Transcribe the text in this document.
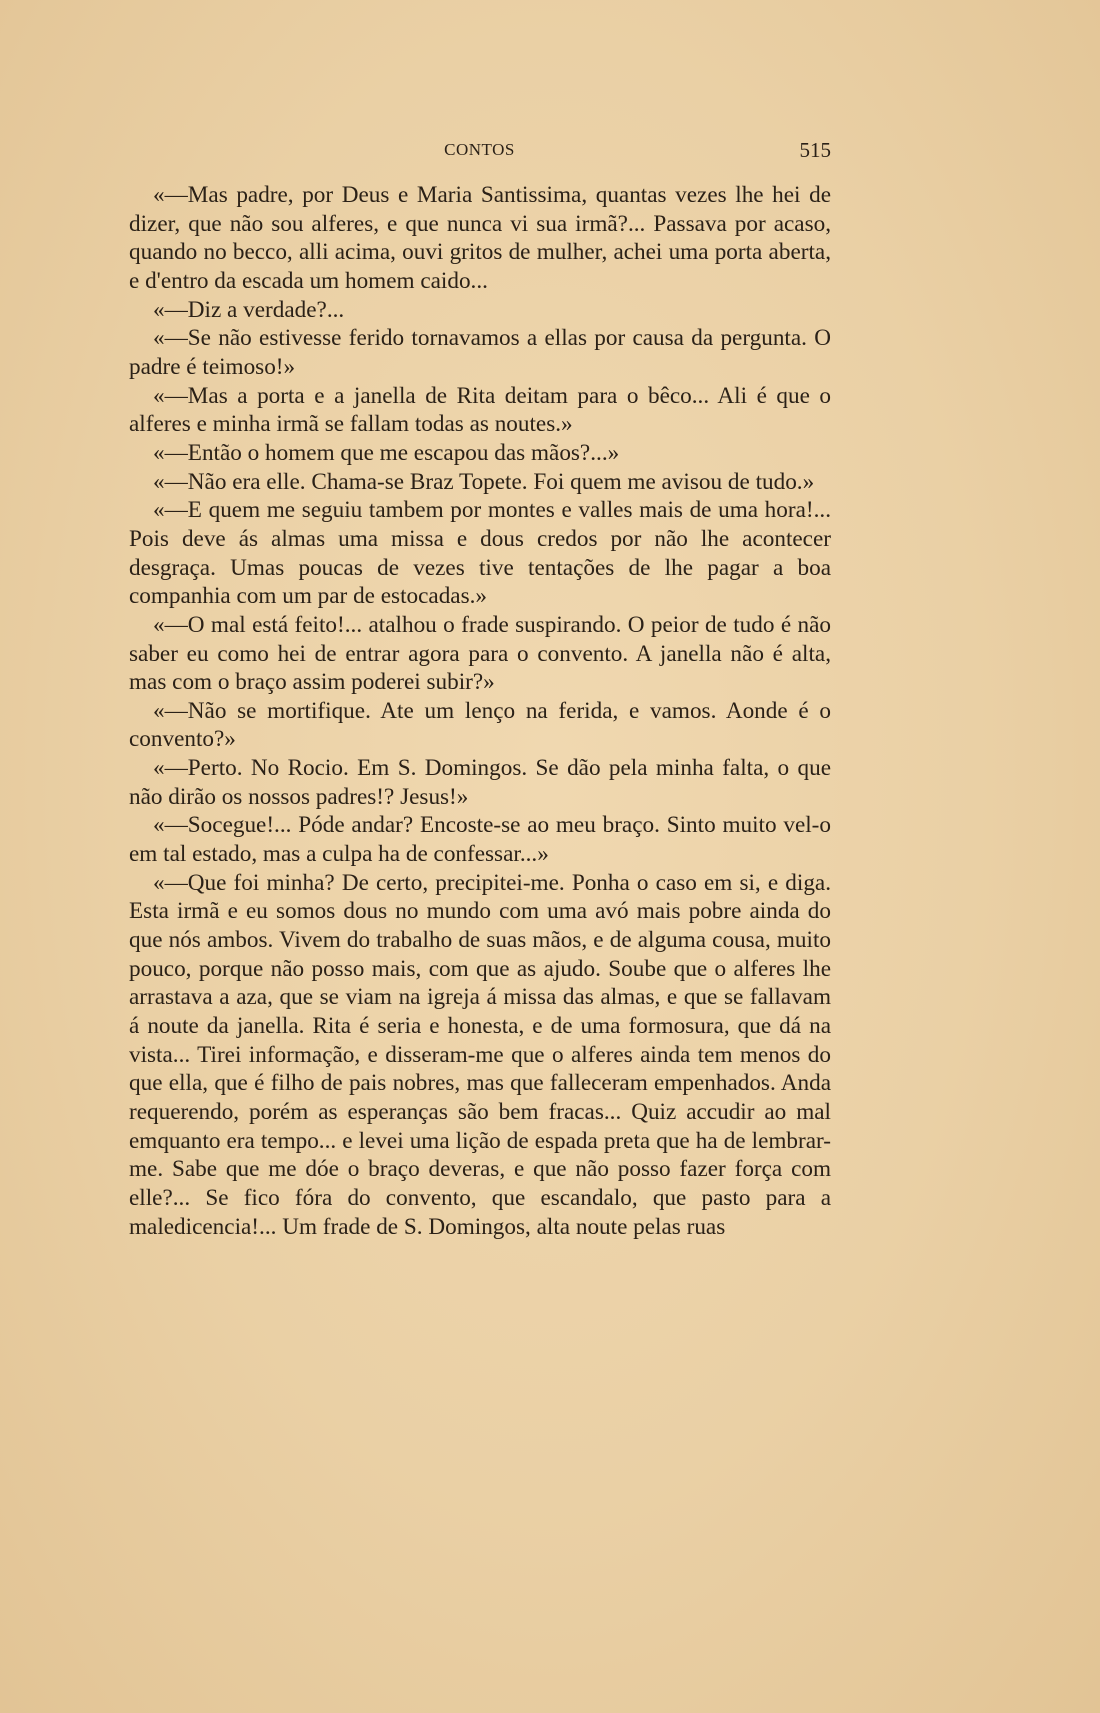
CONTOS	515

«—Mas padre, por Deus e Maria Santissima, quantas vezes lhe hei de dizer, que não sou alferes, e que nunca vi sua irmã?... Passava por acaso, quando no becco, alli acima, ouvi gritos de mulher, achei uma porta aberta, e d'entro da escada um homem caido...

«—Diz a verdade?...

«—Se não estivesse ferido tornavamos a ellas por causa da pergunta. O padre é teimoso!»

«—Mas a porta e a janella de Rita deitam para o bêco... Ali é que o alferes e minha irmã se fallam todas as noutes.»

«—Então o homem que me escapou das mãos?...»

«—Não era elle. Chama-se Braz Topete. Foi quem me avisou de tudo.»

«—E quem me seguiu tambem por montes e valles mais de uma hora!... Pois deve ás almas uma missa e dous credos por não lhe acontecer desgraça. Umas poucas de vezes tive tentações de lhe pagar a boa companhia com um par de estocadas.»

«—O mal está feito!... atalhou o frade suspirando. O peior de tudo é não saber eu como hei de entrar agora para o convento. A janella não é alta, mas com o braço assim poderei subir?»

«—Não se mortifique. Ate um lenço na ferida, e vamos. Aonde é o convento?»

«—Perto. No Rocio. Em S. Domingos. Se dão pela minha falta, o que não dirão os nossos padres!? Jesus!»

«—Socegue!... Póde andar? Encoste-se ao meu braço. Sinto muito vel-o em tal estado, mas a culpa ha de confessar...»

«—Que foi minha? De certo, precipitei-me. Ponha o caso em si, e diga. Esta irmã e eu somos dous no mundo com uma avó mais pobre ainda do que nós ambos. Vivem do trabalho de suas mãos, e de alguma cousa, muito pouco, porque não posso mais, com que as ajudo. Soube que o alferes lhe arrastava a aza, que se viam na igreja á missa das almas, e que se fallavam á noute da janella. Rita é seria e honesta, e de uma formosura, que dá na vista... Tirei informação, e disseram-me que o alferes ainda tem menos do que ella, que é filho de pais nobres, mas que falleceram empenhados. Anda requerendo, porém as esperanças são bem fracas... Quiz accudir ao mal emquanto era tempo... e levei uma lição de espada preta que ha de lembrar-me. Sabe que me dóe o braço deveras, e que não posso fazer força com elle?... Se fico fóra do convento, que escandalo, que pasto para a maledicencia!... Um frade de S. Domingos, alta noute pelas ruas
